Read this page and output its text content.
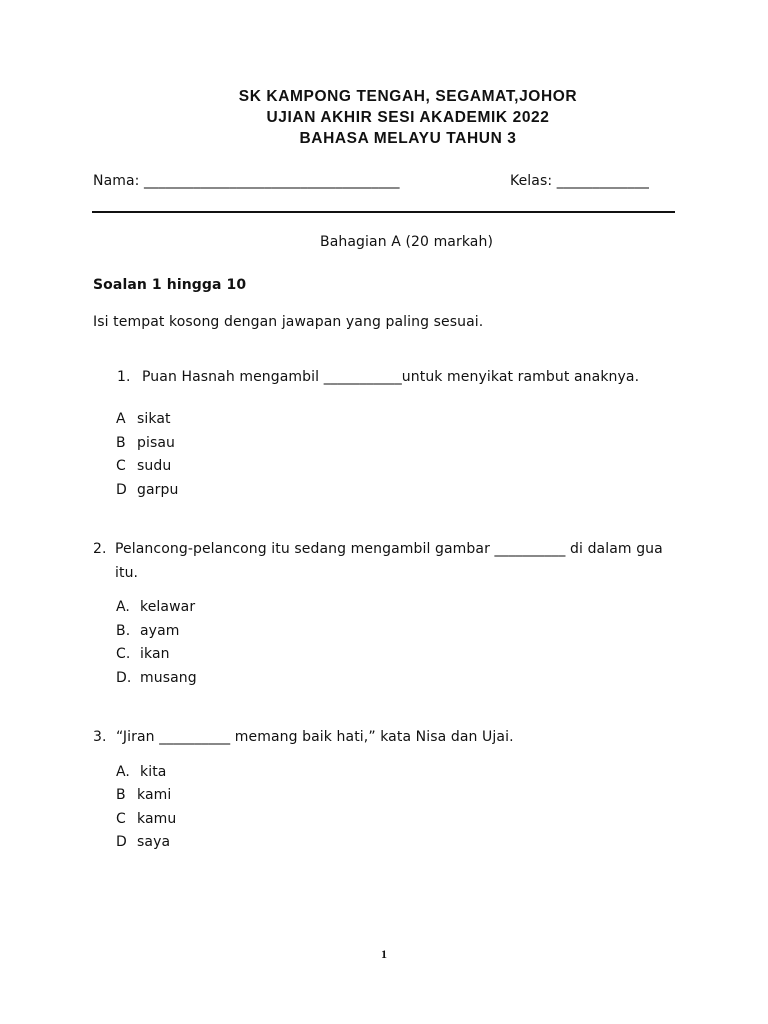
SK KAMPONG TENGAH, SEGAMAT,JOHOR
UJIAN AKHIR SESI AKADEMIK 2022
BAHASA MELAYU TAHUN 3
Nama: ____________________________________	Kelas: _____________
Bahagian A (20 markah)
Soalan 1 hingga 10
Isi tempat kosong dengan jawapan yang paling sesuai.
1. Puan Hasnah mengambil ___________untuk menyikat rambut anaknya.
A sikat
B pisau
C sudu
D garpu
2. Pelancong-pelancong itu sedang mengambil gambar __________ di dalam gua
itu.
A. kelawar
B. ayam
C. ikan
D. musang
3. “Jiran __________ memang baik hati,” kata Nisa dan Ujai.
A. kita
B kami
C kamu
D saya
1
